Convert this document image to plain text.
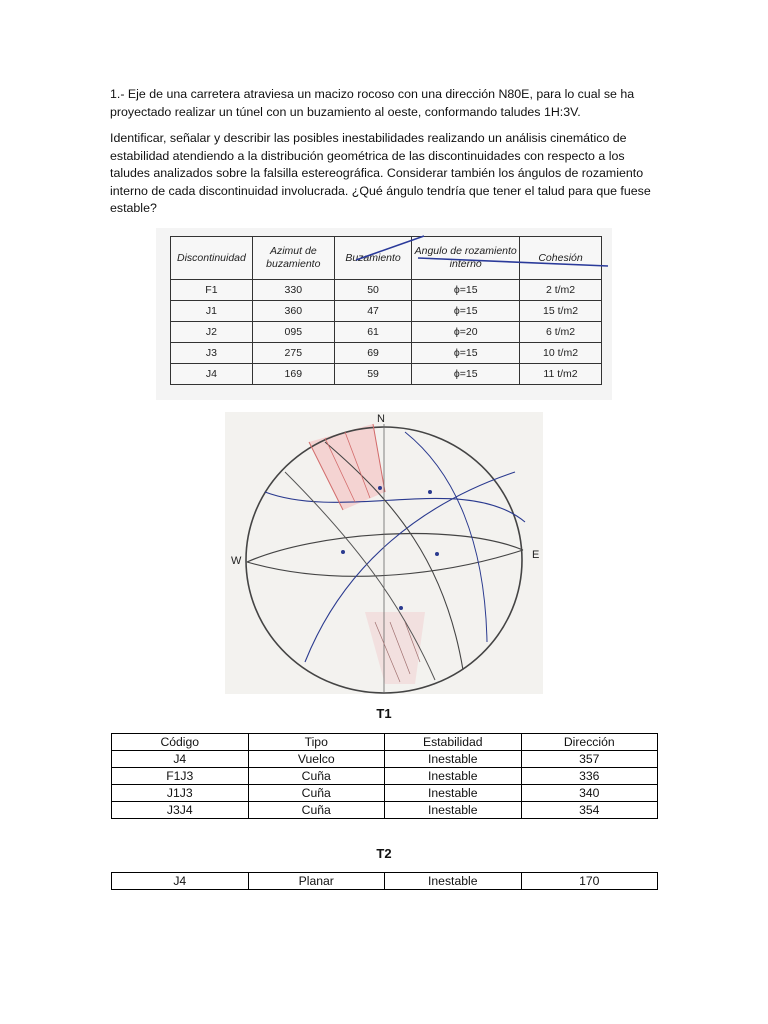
1.- Eje de una carretera atraviesa un macizo rocoso con una dirección N80E, para lo cual se ha proyectado realizar un túnel con un buzamiento al oeste, conformando taludes 1H:3V.

Identificar, señalar y describir las posibles inestabilidades realizando un análisis cinemático de estabilidad atendiendo a la distribución geométrica de las discontinuidades con respecto a los taludes analizados sobre la falsilla estereográfica. Considerar también los ángulos de rozamiento interno de cada discontinuidad involucrada. ¿Qué ángulo tendría que tener el talud para que fuese estable?

Discontinuidad	Azimut de buzamiento	Buzamiento	Angulo de rozamiento interno	Cohesión
F1	330	50	ϕ=15	2 t/m2
J1	360	47	ϕ=15	15 t/m2
J2	095	61	ϕ=20	6 t/m2
J3	275	69	ϕ=15	10 t/m2
J4	169	59	ϕ=15	11 t/m2
N
E
W
T1
Código	Tipo	Estabilidad	Dirección
J4	Vuelco	Inestable	357
F1J3	Cuña	Inestable	336
J1J3	Cuña	Inestable	340
J3J4	Cuña	Inestable	354
T2
J4	Planar	Inestable	170
